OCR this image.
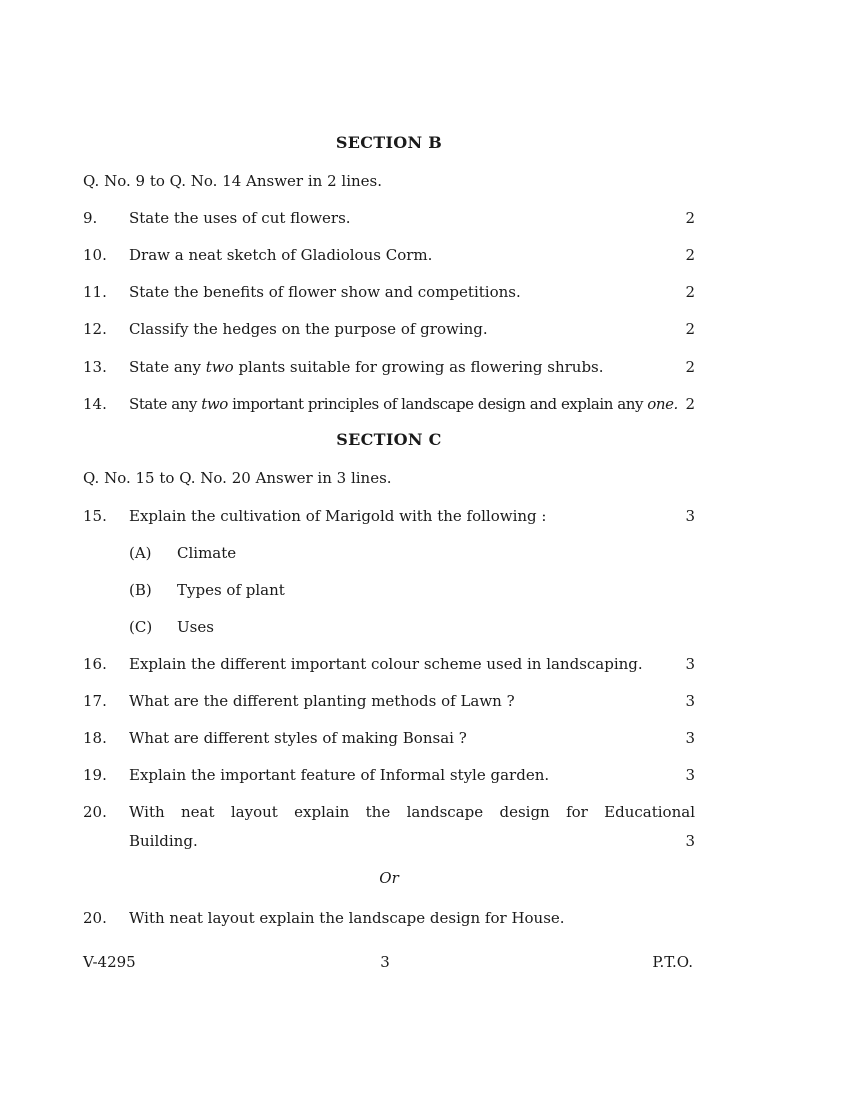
SECTION B
Q. No. 9 to Q. No. 14 Answer in 2 lines.
9. State the uses of cut flowers.	2
10. Draw a neat sketch of Gladiolous Corm.	2
11. State the benefits of flower show and competitions.	2
12. Classify the hedges on the purpose of growing.	2
13. State any two plants suitable for growing as flowering shrubs.	2
14. State any two important principles of landscape design and explain any one. 2
SECTION C
Q. No. 15 to Q. No. 20 Answer in 3 lines.
15. Explain the cultivation of Marigold with the following :	3
(A) Climate
(B) Types of plant
(C) Uses
16. Explain the different important colour scheme used in landscaping.	3
17. What are the different planting methods of Lawn ?	3
18. What are different styles of making Bonsai ?	3
19. Explain the important feature of Informal style garden.	3
20. With neat layout explain the landscape design for Educational
Building.	3
Or
20. With neat layout explain the landscape design for House.
V-4295	3	P.T.O.
